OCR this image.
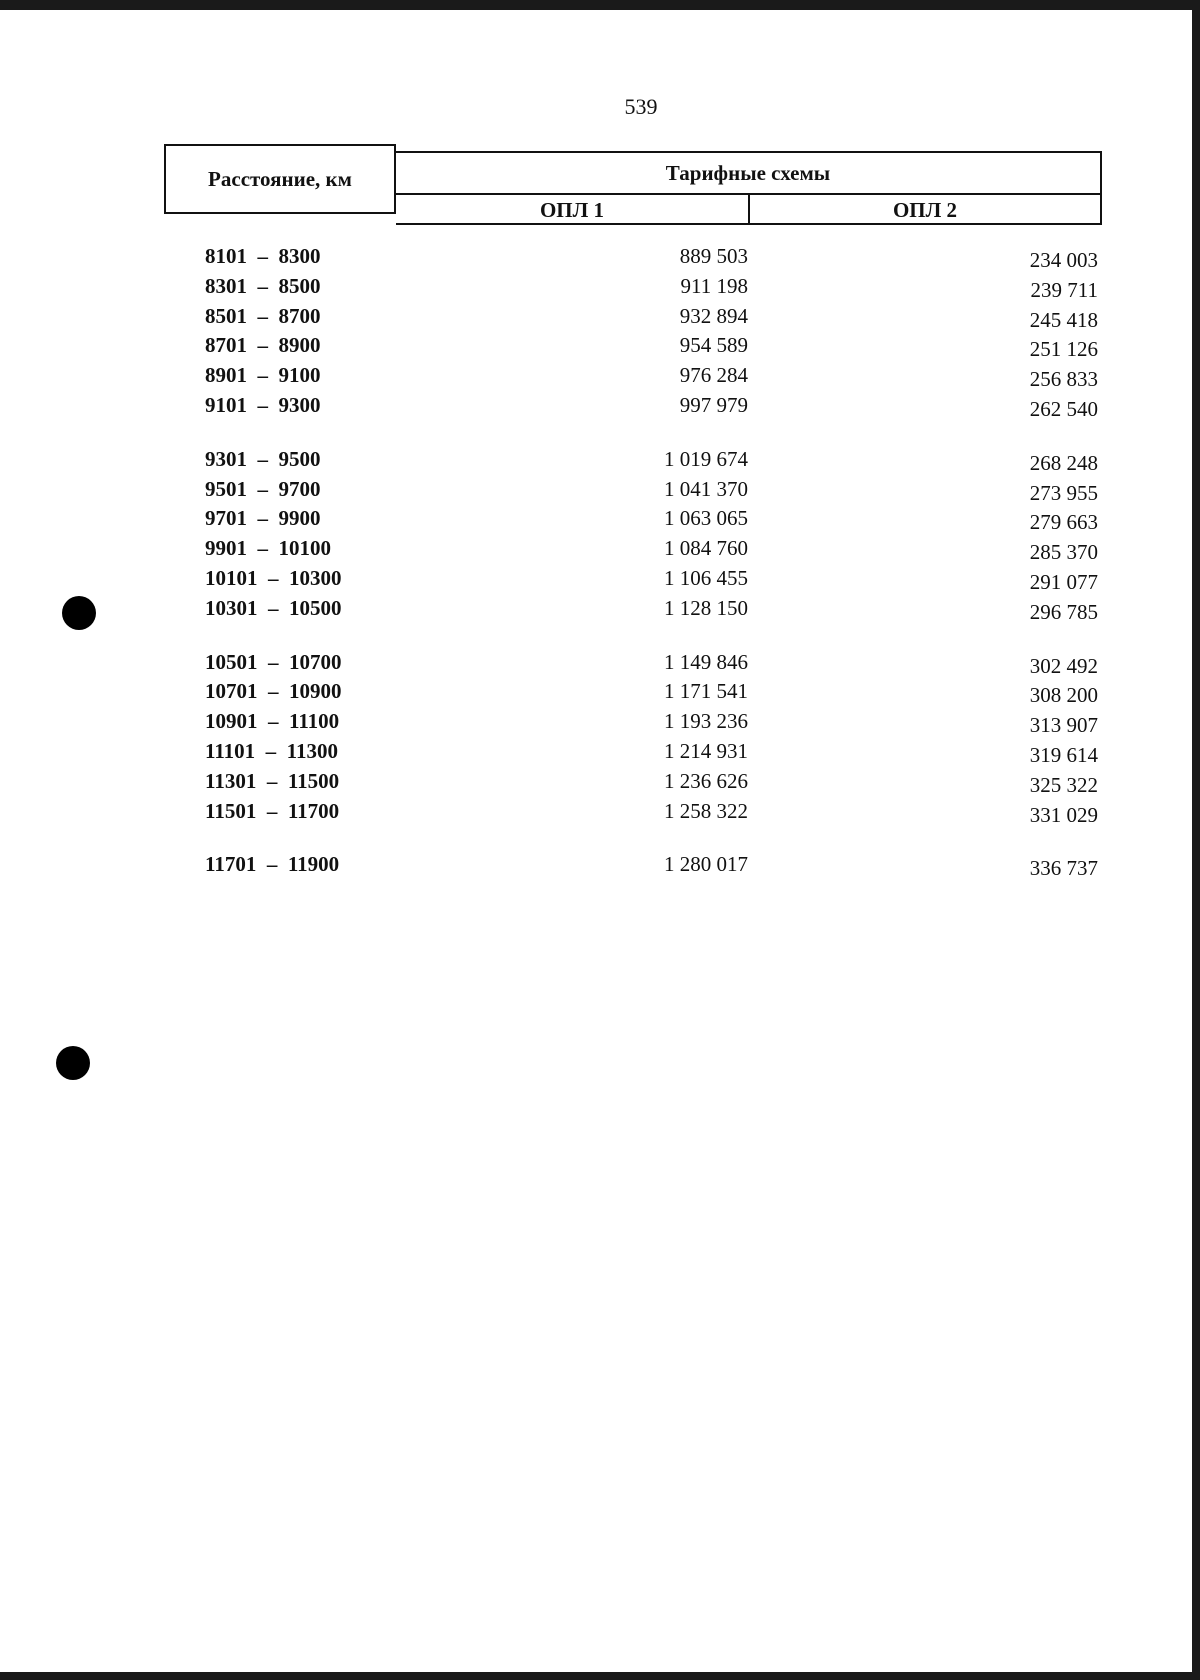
539
Расстояние, км	Тарифные схемы
ОПЛ 1	ОПЛ 2
8101  –  8300	889 503	234 003
8301  –  8500	911 198	239 711
8501  –  8700	932 894	245 418
8701  –  8900	954 589	251 126
8901  –  9100	976 284	256 833
9101  –  9300	997 979	262 540
9301  –  9500	1 019 674	268 248
9501  –  9700	1 041 370	273 955
9701  –  9900	1 063 065	279 663
9901  –  10100	1 084 760	285 370
10101  –  10300	1 106 455	291 077
10301  –  10500	1 128 150	296 785
10501  –  10700	1 149 846	302 492
10701  –  10900	1 171 541	308 200
10901  –  11100	1 193 236	313 907
11101  –  11300	1 214 931	319 614
11301  –  11500	1 236 626	325 322
11501  –  11700	1 258 322	331 029
11701  –  11900	1 280 017	336 737
